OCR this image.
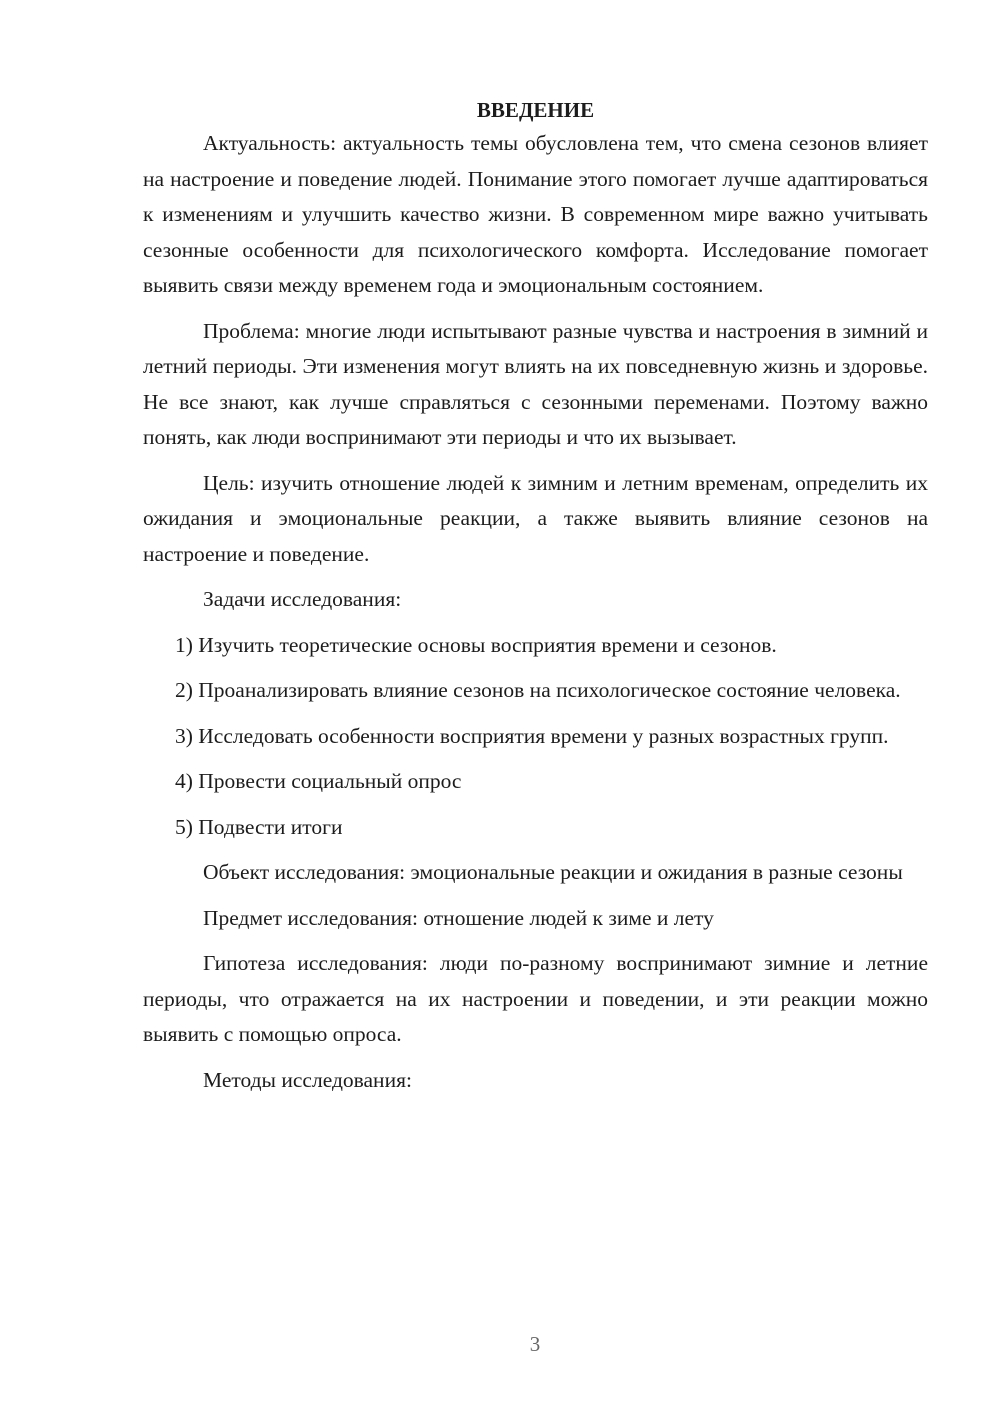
ВВЕДЕНИЕ

Актуальность: актуальность темы обусловлена тем, что смена сезонов влияет на настроение и поведение людей. Понимание этого помогает лучше адаптироваться к изменениям и улучшить качество жизни. В современном мире важно учитывать сезонные особенности для психологического комфорта. Исследование помогает выявить связи между временем года и эмоциональным состоянием.

Проблема: многие люди испытывают разные чувства и настроения в зимний и летний периоды. Эти изменения могут влиять на их повседневную жизнь и здоровье. Не все знают, как лучше справляться с сезонными переменами. Поэтому важно понять, как люди воспринимают эти периоды и что их вызывает.

Цель: изучить отношение людей к зимним и летним временам, определить их ожидания и эмоциональные реакции, а также выявить влияние сезонов на настроение и поведение.

Задачи исследования:

1) Изучить теоретические основы восприятия времени и сезонов.

2) Проанализировать влияние сезонов на психологическое состояние человека.

3) Исследовать особенности восприятия времени у разных возрастных групп.

4) Провести социальный опрос

5) Подвести итоги

Объект исследования: эмоциональные реакции и ожидания в разные сезоны

Предмет исследования: отношение людей к зиме и лету

Гипотеза исследования: люди по-разному воспринимают зимние и летние периоды, что отражается на их настроении и поведении, и эти реакции можно выявить с помощью опроса.

Методы исследования:

3
